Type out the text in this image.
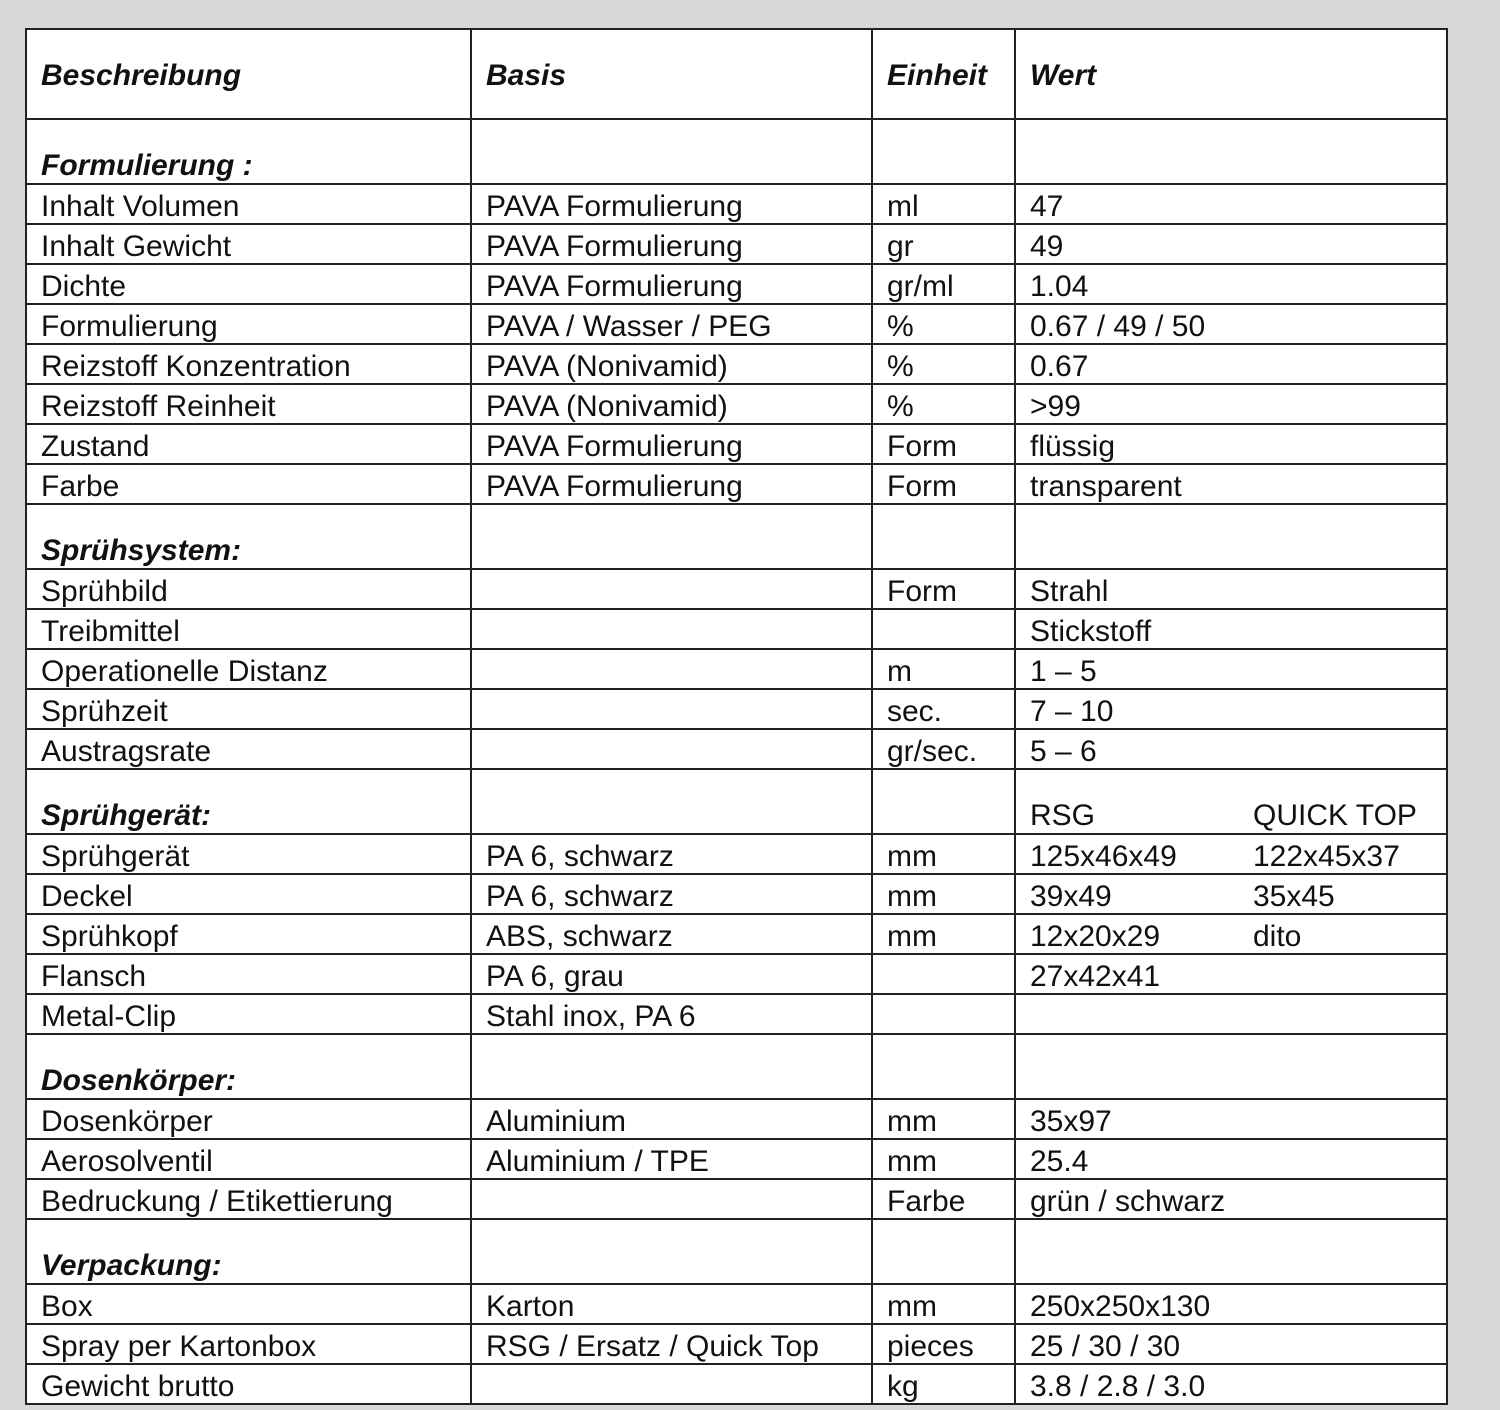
Beschreibung	Basis	Einheit	Wert
Formulierung :			
Inhalt Volumen	PAVA Formulierung	ml	47
Inhalt Gewicht	PAVA Formulierung	gr	49
Dichte	PAVA Formulierung	gr/ml	1.04
Formulierung	PAVA / Wasser / PEG	%	0.67 / 49 / 50
Reizstoff Konzentration	PAVA (Nonivamid)	%	0.67
Reizstoff Reinheit	PAVA (Nonivamid)	%	>99
Zustand	PAVA Formulierung	Form	flüssig
Farbe	PAVA Formulierung	Form	transparent
Sprühsystem:			
Sprühbild		Form	Strahl
Treibmittel			Stickstoff
Operationelle Distanz		m	1 – 5
Sprühzeit		sec.	7 – 10
Austragsrate		gr/sec.	5 – 6
Sprühgerät:			RSG QUICK TOP

Sprühgerät	PA 6, schwarz	mm	125x46x49 122x45x37

Deckel	PA 6, schwarz	mm	39x49 35x45

Sprühkopf	ABS, schwarz	mm	12x20x29 dito

Flansch	PA 6, grau		27x42x41

Metal-Clip	Stahl inox, PA 6		

Dosenkörper:			
Dosenkörper	Aluminium	mm	35x97
Aerosolventil	Aluminium / TPE	mm	25.4
Bedruckung / Etikettierung		Farbe	grün / schwarz
Verpackung:			
Box	Karton	mm	250x250x130
Spray per Kartonbox	RSG / Ersatz / Quick Top	pieces	25 / 30 / 30
Gewicht brutto		kg	3.8 / 2.8 / 3.0
